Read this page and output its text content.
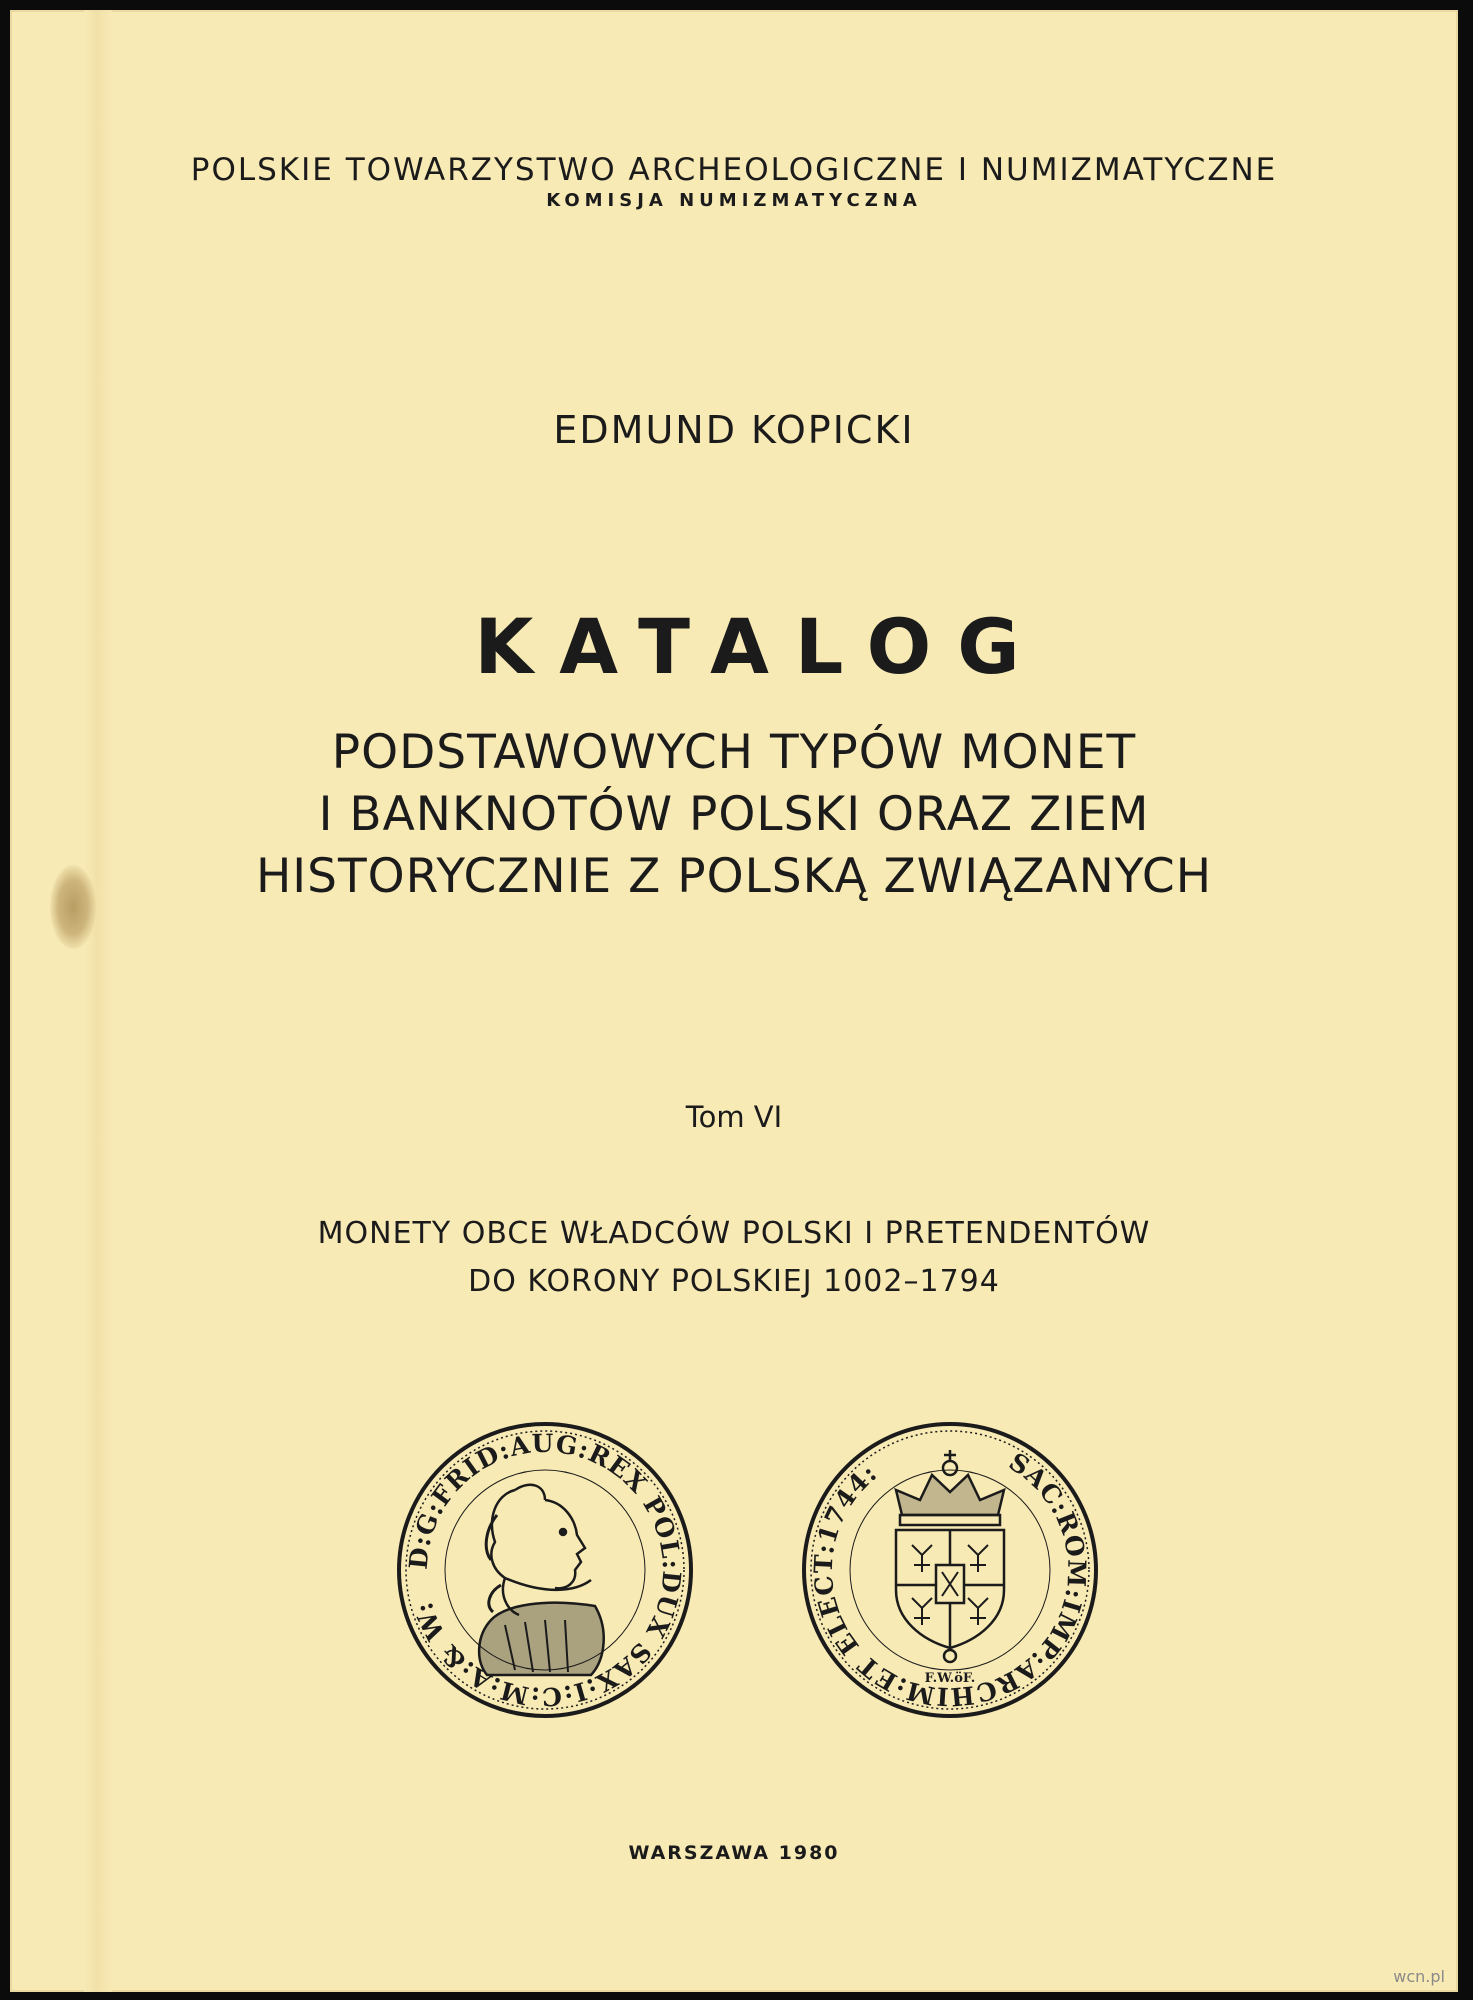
POLSKIE TOWARZYSTWO ARCHEOLOGICZNE I NUMIZMATYCZNE

KOMISJA NUMIZMATYCZNA

EDMUND KOPICKI

KATALOG

PODSTAWOWYCH TYPÓW MONET
I BANKNOTÓW POLSKI ORAZ ZIEM
HISTORYCZNIE Z POLSKĄ ZWIĄZANYCH

Tom VI

MONETY OBCE WŁADCÓW POLSKI I PRETENDENTÓW
DO KORONY POLSKIEJ 1002–1794
D:G:FRID:AUG:REX POL:DUX SAX:I:C:M:A:& W:
SAC:ROM:IMP:ARCHIM:ET ELECT:1744:
F.W.öF.

WARSZAWA 1980

wcn.pl
